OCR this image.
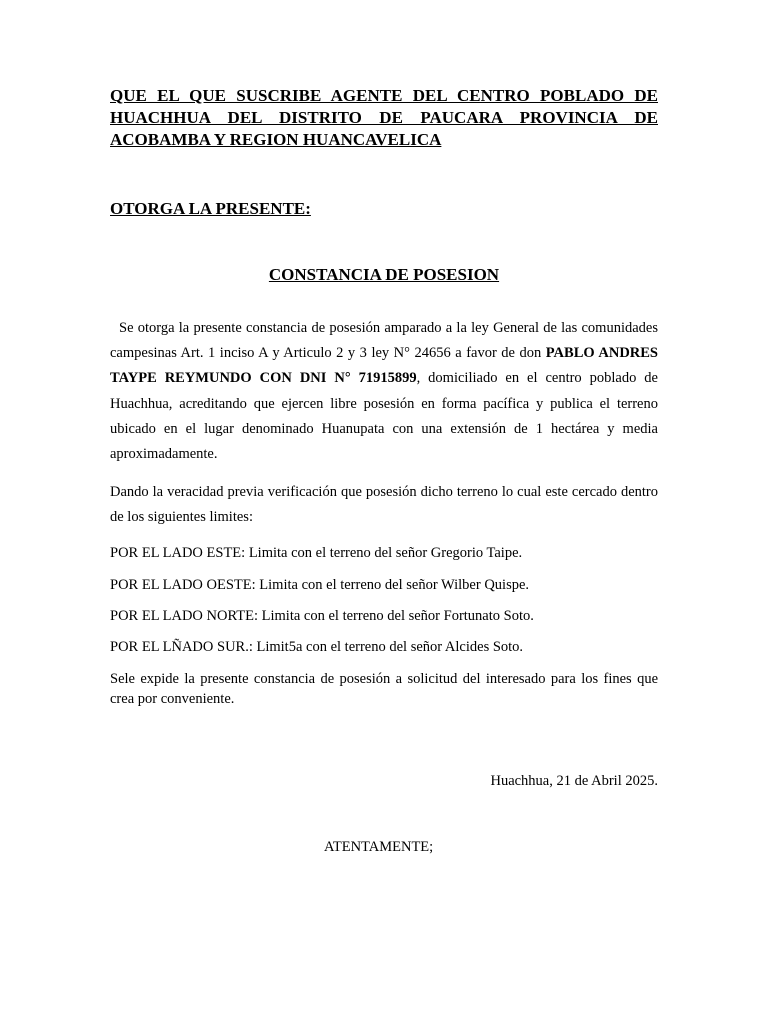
QUE EL QUE SUSCRIBE AGENTE DEL CENTRO POBLADO DE HUACHHUA DEL DISTRITO DE PAUCARA PROVINCIA DE ACOBAMBA Y REGION HUANCAVELICA
OTORGA LA PRESENTE:
CONSTANCIA DE POSESION
Se otorga la presente constancia de posesión amparado a la ley General de las comunidades campesinas Art. 1 inciso A y Articulo 2 y 3 ley N° 24656 a favor de don PABLO ANDRES TAYPE REYMUNDO CON DNI N° 71915899, domiciliado en el centro poblado de Huachhua, acreditando que ejercen libre posesión en forma pacífica y publica el terreno ubicado en el lugar denominado Huanupata con una extensión de 1 hectárea y media aproximadamente.
Dando la veracidad previa verificación que posesión dicho terreno lo cual este cercado dentro de los siguientes limites:
POR EL LADO ESTE: Limita con el terreno del señor Gregorio Taipe.
POR EL LADO OESTE: Limita con el terreno del señor Wilber Quispe.
POR EL LADO NORTE: Limita con el terreno del señor Fortunato Soto.
POR EL LÑADO SUR.: Limit5a con el terreno del señor Alcides Soto.
Sele expide la presente constancia de posesión a solicitud del interesado para los fines que crea por conveniente.
Huachhua, 21 de Abril 2025.
ATENTAMENTE;
